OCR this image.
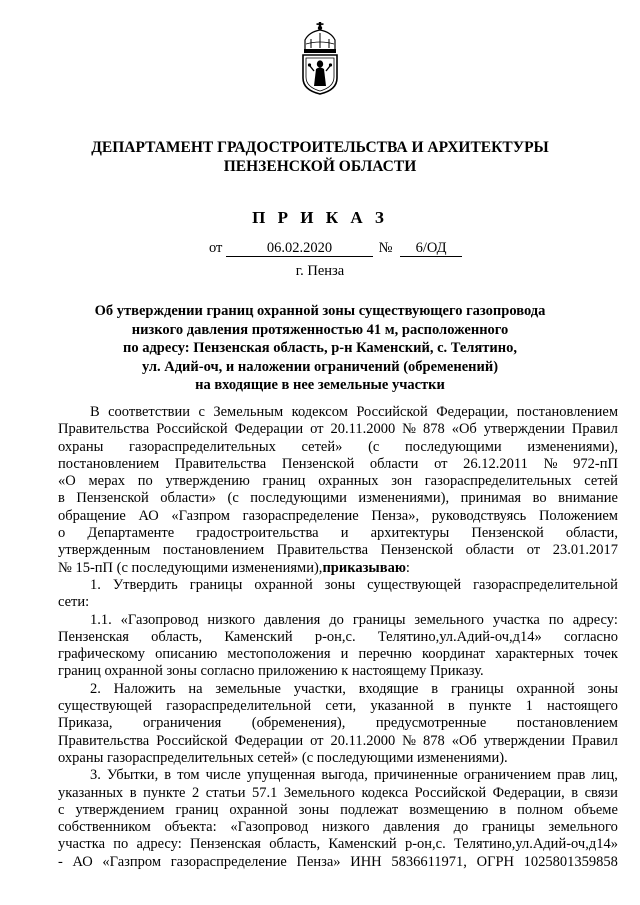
ДЕПАРТАМЕНТ ГРАДОСТРОИТЕЛЬСТВА И АРХИТЕКТУРЫ
ПЕНЗЕНСКОЙ ОБЛАСТИ
П Р И К А З
от	06.02.2020	№ 6/ОД
г. Пенза
Об утверждении границ охранной зоны существующего газопровода
низкого давления протяженностью 41 м, расположенного
по адресу: Пензенская область, р-н Каменский, с. Телятино,
ул. Адий-оч, и наложении ограничений (обременений)
на входящие в нее земельные участки
В соответствии с Земельным кодексом Российской Федерации, постановлением
Правительства Российской Федерации от 20.11.2000 № 878 «Об утверждении Правил
охраны газораспределительных сетей» (с последующими изменениями),
постановлением Правительства Пензенской области от 26.12.2011 № 972-пП
«О мерах по утверждению границ охранных зон газораспределительных сетей
в Пензенской области» (с последующими изменениями), принимая во внимание
обращение АО «Газпром газораспределение Пенза», руководствуясь Положением
о Департаменте градостроительства и архитектуры Пензенской области,
утвержденным постановлением Правительства Пензенской области от 23.01.2017
№ 15-пП (с последующими изменениями), приказываю :
1. Утвердить границы охранной зоны существующей газораспределительной
сети:
1.1. «Газопровод низкого давления до границы земельного участка по адресу:
Пензенская область, Каменский р-он,с. Телятино,ул.Адий-оч,д14» согласно
графическому описанию местоположения и перечню координат характерных точек
границ охранной зоны согласно приложению к настоящему Приказу.
2. Наложить на земельные участки, входящие в границы охранной зоны
существующей газораспределительной сети, указанной в пункте 1 настоящего
Приказа, ограничения (обременения), предусмотренные постановлением
Правительства Российской Федерации от 20.11.2000 № 878 «Об утверждении Правил
охраны газораспределительных сетей» (с последующими изменениями).
3. Убытки, в том числе упущенная выгода, причиненные ограничением прав лиц,
указанных в пункте 2 статьи 57.1 Земельного кодекса Российской Федерации, в связи
с утверждением границ охранной зоны подлежат возмещению в полном объеме
собственником объекта: «Газопровод низкого давления до границы земельного
участка по адресу: Пензенская область, Каменский р-он,с. Телятино,ул.Адий-оч,д14»
- АО «Газпром газораспределение Пенза» ИНН 5836611971, ОГРН 1025801359858
